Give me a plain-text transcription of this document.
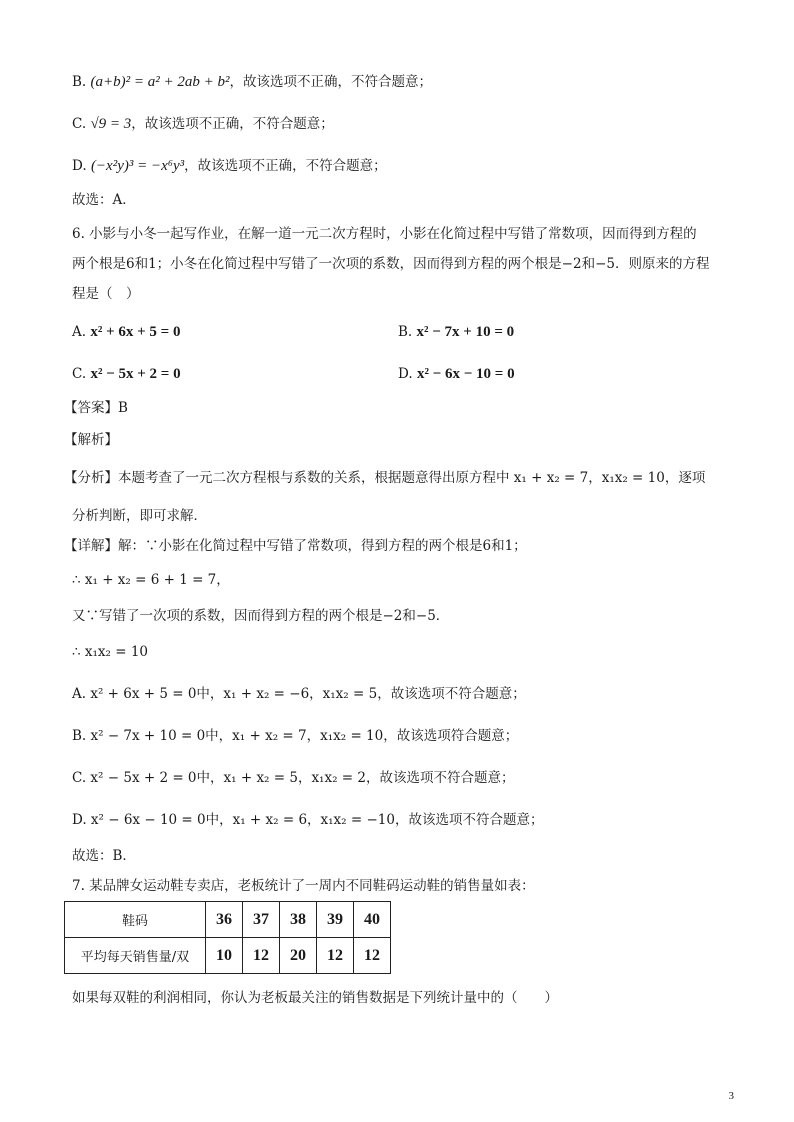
B. (a+b)² = a² + 2ab + b²，故该选项不正确，不符合题意；
C. √9 = 3，故该选项不正确，不符合题意；
D. (−x²y)³ = −x⁶y³，故该选项不正确，不符合题意；
故选：A．
6. 小影与小冬一起写作业，在解一道一元二次方程时，小影在化简过程中写错了常数项，因而得到方程的
两个根是6和1；小冬在化简过程中写错了一次项的系数，因而得到方程的两个根是−2和−5．则原来的方程
程是（　）
A. x² + 6x + 5 = 0	B. x² − 7x + 10 = 0
C. x² − 5x + 2 = 0	D. x² − 6x − 10 = 0
【答案】B
【解析】
【分析】本题考查了一元二次方程根与系数的关系，根据题意得出原方程中 x₁ + x₂ = 7，x₁x₂ = 10，逐项
分析判断，即可求解．
【详解】解：∵小影在化简过程中写错了常数项，得到方程的两个根是6和1；
∴ x₁ + x₂ = 6 + 1 = 7，
又∵写错了一次项的系数，因而得到方程的两个根是−2和−5．
∴ x₁x₂ = 10
A. x² + 6x + 5 = 0中，x₁ + x₂ = −6，x₁x₂ = 5，故该选项不符合题意；
B. x² − 7x + 10 = 0中，x₁ + x₂ = 7，x₁x₂ = 10，故该选项符合题意；
C. x² − 5x + 2 = 0中，x₁ + x₂ = 5，x₁x₂ = 2，故该选项不符合题意；
D. x² − 6x − 10 = 0中，x₁ + x₂ = 6，x₁x₂ = −10，故该选项不符合题意；
故选：B．
7. 某品牌女运动鞋专卖店，老板统计了一周内不同鞋码运动鞋的销售量如表：
鞋码	36	37	38	39	40
平均每天销售量/双	10	12	20	12	12
如果每双鞋的利润相同，你认为老板最关注的销售数据是下列统计量中的（　　）
3
